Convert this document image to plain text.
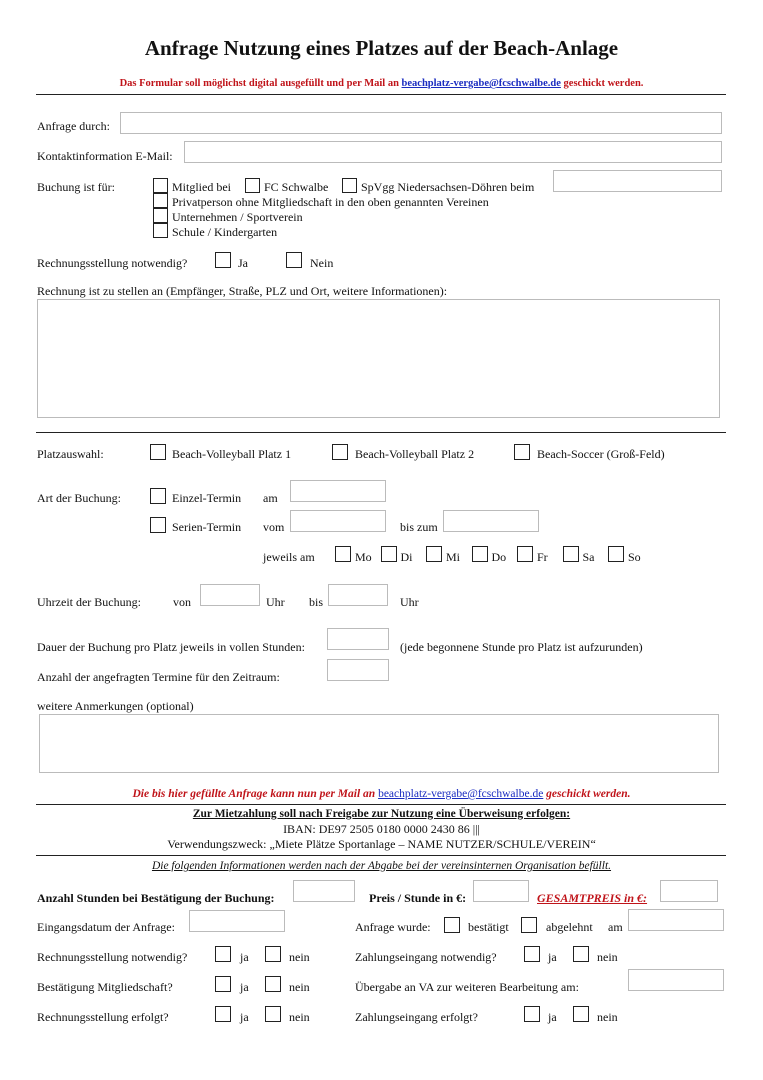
Anfrage Nutzung eines Platzes auf der Beach-Anlage
Das Formular soll möglichst digital ausgefüllt und per Mail an beachplatz-vergabe@fcschwalbe.de geschickt werden.
Anfrage durch:
Kontaktinformation E-Mail:
Buchung ist für:	Mitglied bei	FC Schwalbe	SpVgg Niedersachsen-Döhren beim
Privatperson ohne Mitgliedschaft in den oben genannten Vereinen
Unternehmen / Sportverein
Schule / Kindergarten
Rechnungsstellung notwendig?	Ja	Nein
Rechnung ist zu stellen an (Empfänger, Straße, PLZ und Ort, weitere Informationen):
Platzauswahl:	Beach-Volleyball Platz 1	Beach-Volleyball Platz 2	Beach-Soccer (Groß-Feld)
Art der Buchung:	Einzel-Termin am
Serien-Termin vom	bis zum
jeweils am	Mo Di	Mi	Do	Fr	Sa	So
Uhrzeit der Buchung:	von	Uhr bis	Uhr
Dauer der Buchung pro Platz jeweils in vollen Stunden:	(jede begonnene Stunde pro Platz ist aufzurunden)
Anzahl der angefragten Termine für den Zeitraum:
weitere Anmerkungen (optional)
Die bis hier gefüllte Anfrage kann nun per Mail an beachplatz-vergabe@fcschwalbe.de geschickt werden.
Zur Mietzahlung soll nach Freigabe zur Nutzung eine Überweisung erfolgen:
IBAN: DE97 2505 0180 0000 2430 86 |||
Verwendungszweck: „Miete Plätze Sportanlage – NAME NUTZER/SCHULE/VEREIN“
Die folgenden Informationen werden nach der Abgabe bei der vereinsinternen Organisation befüllt.
Anzahl Stunden bei Bestätigung der Buchung:	Preis / Stunde in €:	GESAMTPREIS in €:
Eingangsdatum der Anfrage:	Anfrage wurde:	bestätigt	abgelehnt am
Rechnungsstellung notwendig?	ja	nein	Zahlungseingang notwendig?	ja	nein
Bestätigung Mitgliedschaft?	ja	nein	Übergabe an VA zur weiteren Bearbeitung am:
Rechnungsstellung erfolgt?	ja	nein	Zahlungseingang erfolgt?	ja	nein
